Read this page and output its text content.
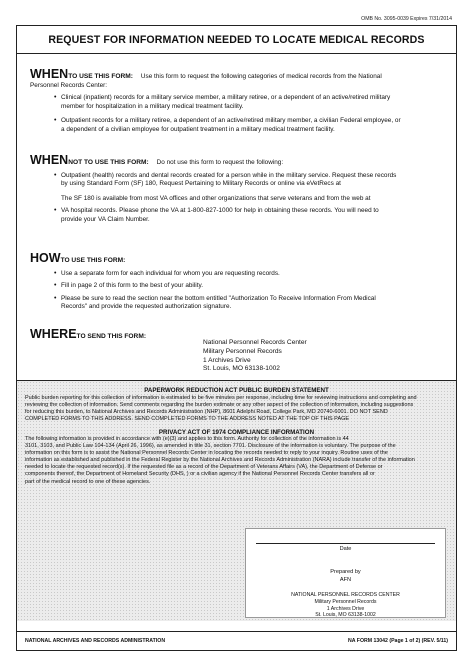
OMB No. 3095-0039 Expires 7/31/2014
REQUEST FOR INFORMATION NEEDED TO LOCATE MEDICAL RECORDS
WHEN TO USE THIS FORM: Use this form to request the following categories of medical records from the National
Personnel Records Center:
• Clinical (inpatient) records for a military service member, a military retiree, or a dependent of an active/retired military
member for hospitalization in a military medical treatment facility.
• Outpatient records for a military retiree, a dependent of an active/retired military member, a civilian Federal employee, or
a dependent of a civilian employee for outpatient treatment in a military medical treatment facility.
WHEN NOT TO USE THIS FORM: Do not use this form to request the following:
• Outpatient (health) records and dental records created for a person while in the military service. Request these records
by using Standard Form (SF) 180, Request Pertaining to Military Records or online via eVetRecs at
The SF 180 is available from most VA offices and other organizations that serve veterans and from the web at
• VA hospital records. Please phone the VA at 1-800-827-1000 for help in obtaining these records. You will need to
provide your VA Claim Number.
HOW TO USE THIS FORM:
• Use a separate form for each individual for whom you are requesting records.
• Fill in page 2 of this form to the best of your ability.
• Please be sure to read the section near the bottom entitled "Authorization To Receive Information From Medical
Records" and provide the requested authorization signature.
WHERE TO SEND THIS FORM:
National Personnel Records Center
Military Personnel Records
1 Archives Drive
St. Louis, MO 63138-1002
PAPERWORK REDUCTION ACT PUBLIC BURDEN STATEMENT
Public burden reporting for this collection of information is estimated to be five minutes per response, including time for reviewing instructions and completing and
reviewing the collection of information. Send comments regarding the burden estimate or any other aspect of the collection of information, including suggestions
for reducing this burden, to National Archives and Records Administration (NHP), 8601 Adelphi Road, College Park, MD 20740-6001. DO NOT SEND
COMPLETED FORMS TO THIS ADDRESS. SEND COMPLETED FORMS TO THE ADDRESS NOTED AT THE TOP OF THIS PAGE
PRIVACY ACT OF 1974 COMPLIANCE INFORMATION
The following information is provided in accordance with (e)(3) and applies to this form. Authority for collection of the information is 44
3101, 3103, and Public Law 104-134 (April 26, 1996), as amended in title 31, section 7701. Disclosure of the information is voluntary. The purpose of the
information on this form is to assist the National Personnel Records Center in locating the records needed to reply to your inquiry. Routine uses of the
information as established and published in the Federal Register by the National Archives and Records Administration (NARA) include transfer of the information
needed to locate the requested record(s). If the requested file as a record of the Department of Veterans Affairs (VA), the Department of Defense or
components thereof, the Department of Homeland Security (DHS, ) or a civilian agency if the National Personnel Records Center transfers all or
part of the medical record to one of these agencies.
Date
Prepared by
AFN
NATIONAL PERSONNEL RECORDS CENTER
Military Personnel Records
1 Archives Drive
St. Louis, MO 63138-1002
NATIONAL ARCHIVES AND RECORDS ADMINISTRATION	NA FORM 13042 (Page 1 of 2) (REV. 5/11)
